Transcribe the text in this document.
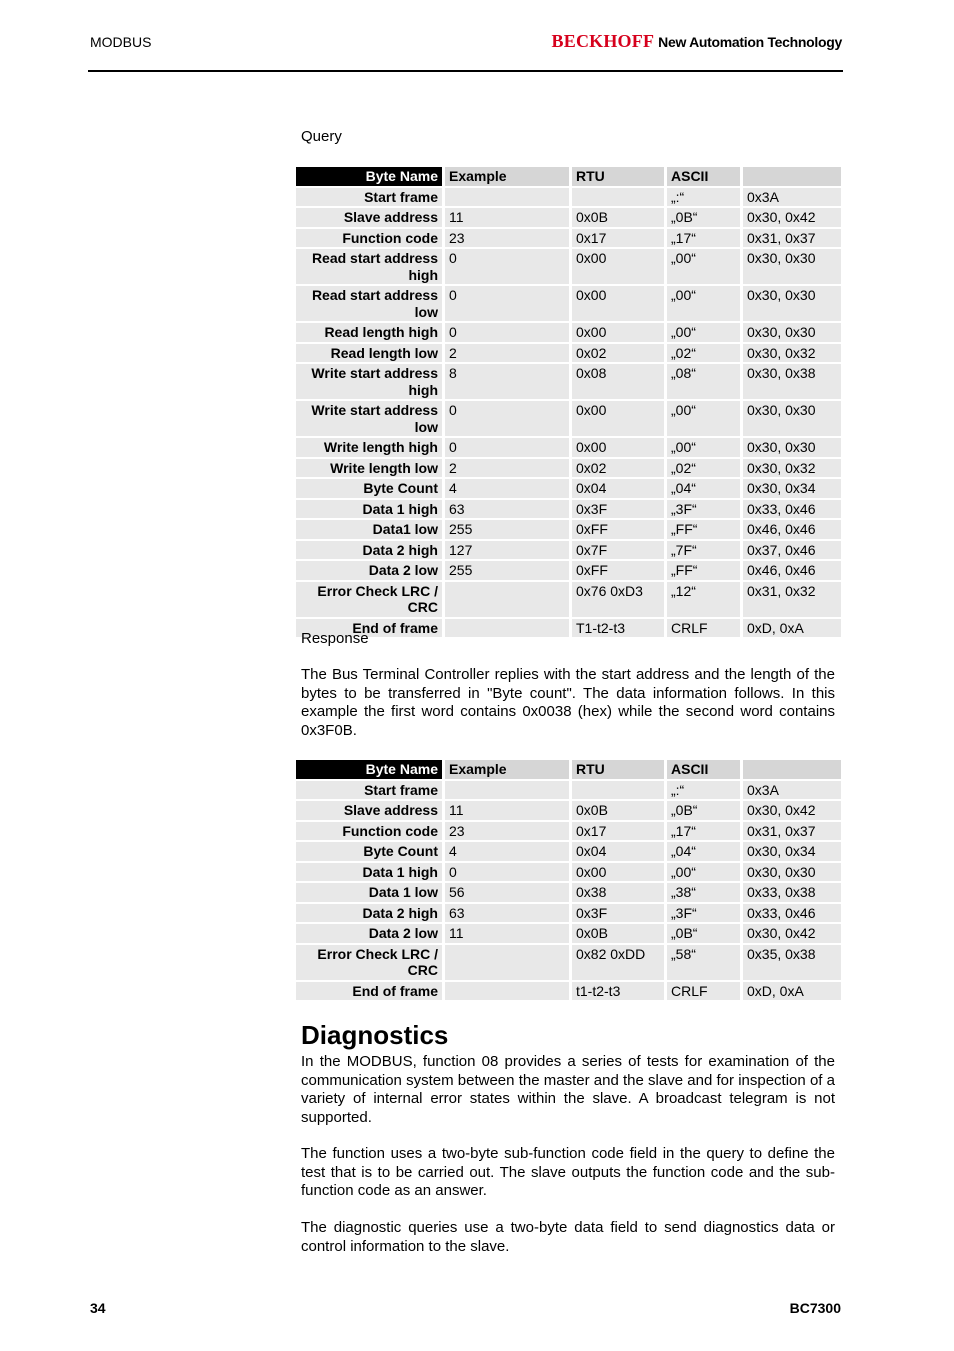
MODBUS	BECKHOFF New Automation Technology
Query
Byte Name	Example	RTU	ASCII	
Start frame			„:“	0x3A
Slave address	11	0x0B	„0B“	0x30, 0x42
Function code	23	0x17	„17“	0x31, 0x37
Read start address high	0	0x00	„00“	0x30, 0x30
Read start address low	0	0x00	„00“	0x30, 0x30
Read length high	0	0x00	„00“	0x30, 0x30
Read length low	2	0x02	„02“	0x30, 0x32
Write start address high	8	0x08	„08“	0x30, 0x38
Write start address low	0	0x00	„00“	0x30, 0x30
Write length high	0	0x00	„00“	0x30, 0x30
Write length low	2	0x02	„02“	0x30, 0x32
Byte Count	4	0x04	„04“	0x30, 0x34
Data 1 high	63	0x3F	„3F“	0x33, 0x46
Data1 low	255	0xFF	„FF“	0x46, 0x46
Data 2 high	127	0x7F	„7F“	0x37, 0x46
Data 2 low	255	0xFF	„FF“	0x46, 0x46
Error Check LRC / CRC		0x76 0xD3	„12“	0x31, 0x32
End of frame		T1-t2-t3	CRLF	0xD, 0xA
Response
The Bus Terminal Controller replies with the start address and the length of the bytes to be transferred in "Byte count". The data information follows. In this example the first word contains 0x0038 (hex) while the second word contains 0x3F0B.
Byte Name	Example	RTU	ASCII	
Start frame			„:“	0x3A
Slave address	11	0x0B	„0B“	0x30, 0x42
Function code	23	0x17	„17“	0x31, 0x37
Byte Count	4	0x04	„04“	0x30, 0x34
Data 1 high	0	0x00	„00“	0x30, 0x30
Data 1 low	56	0x38	„38“	0x33, 0x38
Data 2 high	63	0x3F	„3F“	0x33, 0x46
Data 2 low	11	0x0B	„0B“	0x30, 0x42
Error Check LRC / CRC		0x82 0xDD	„58“	0x35, 0x38
End of frame		t1-t2-t3	CRLF	0xD, 0xA
Diagnostics
In the MODBUS, function 08 provides a series of tests for examination of the communication system between the master and the slave and for inspection of a variety of internal error states within the slave. A broadcast telegram is not supported.
The function uses a two-byte sub-function code field in the query to define the test that is to be carried out. The slave outputs the function code and the sub-function code as an answer.
The diagnostic queries use a two-byte data field to send diagnostics data or control information to the slave.
34	BC7300
